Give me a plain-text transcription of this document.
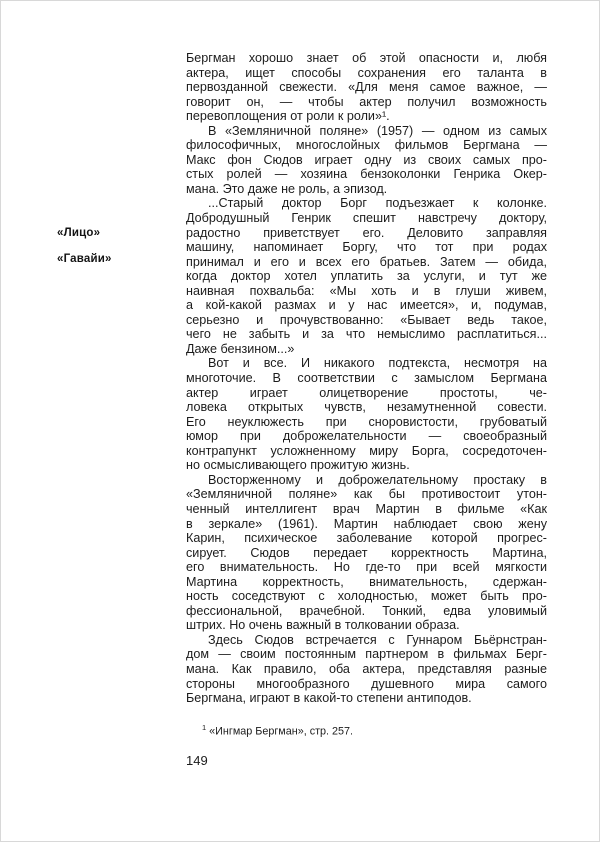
«Лицо»
«Гавайи»
Бергман хорошо знает об этой опасности и, любя
актера, ищет способы сохранения его таланта в
первозданной свежести. «Для меня самое важное, —
говорит он, — чтобы актер получил возможность
перевоплощения от роли к роли»¹.
В «Земляничной поляне» (1957) — одном из самых
философичных, многослойных фильмов Бергмана —
Макс фон Сюдов играет одну из своих самых про-
стых ролей — хозяина бензоколонки Генрика Окер-
мана. Это даже не роль, а эпизод.
...Старый доктор Борг подъезжает к колонке.
Добродушный Генрик спешит навстречу доктору,
радостно приветствует его. Деловито заправляя
машину, напоминает Боргу, что тот при родах
принимал и его и всех его братьев. Затем — обида,
когда доктор хотел уплатить за услуги, и тут же
наивная похвальба: «Мы хоть и в глуши живем,
а кой-какой размах и у нас имеется», и, подумав,
серьезно и прочувствованно: «Бывает ведь такое,
чего не забыть и за что немыслимо расплатиться...
Даже бензином...»
Вот и все. И никакого подтекста, несмотря на
многоточие. В соответствии с замыслом Бергмана
актер играет олицетворение простоты, че-
ловека открытых чувств, незамутненной совести.
Его неуклюжесть при сноровистости, грубоватый
юмор при доброжелательности — своеобразный
контрапункт усложненному миру Борга, сосредоточен-
но осмысливающего прожитую жизнь.
Восторженному и доброжелательному простаку в
«Земляничной поляне» как бы противостоит утон-
ченный интеллигент врач Мартин в фильме «Как
в зеркале» (1961). Мартин наблюдает свою жену
Карин, психическое заболевание которой прогрес-
сирует. Сюдов передает корректность Мартина,
его внимательность. Но где-то при всей мягкости
Мартина корректность, внимательность, сдержан-
ность соседствуют с холодностью, может быть про-
фессиональной, врачебной. Тонкий, едва уловимый
штрих. Но очень важный в толковании образа.
Здесь Сюдов встречается с Гуннаром Бьёрнстран-
дом — своим постоянным партнером в фильмах Берг-
мана. Как правило, оба актера, представляя разные
стороны многообразного душевного мира самого
Бергмана, играют в какой-то степени антиподов.
$^1$ «Ингмар Бергман», стр. 257.
149
